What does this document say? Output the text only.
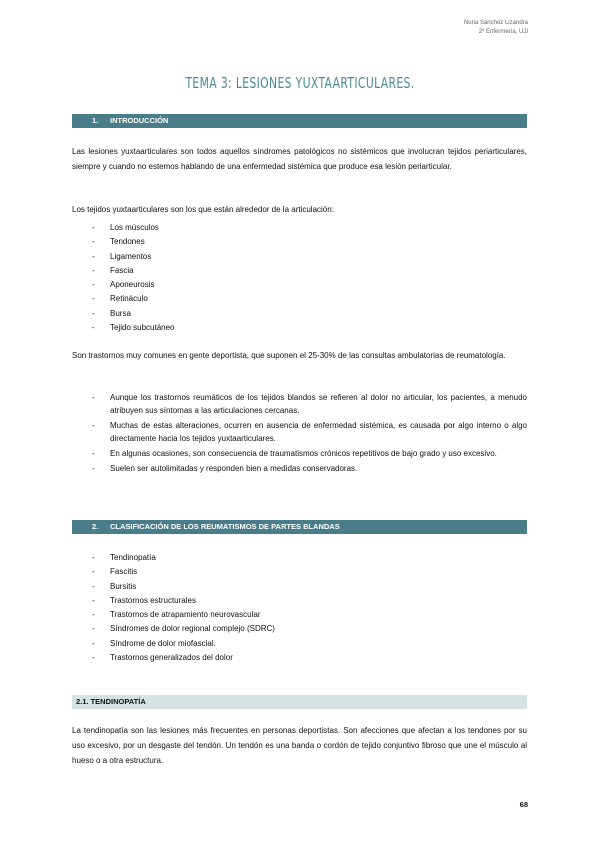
Nuria Sánchez Lizandra
2º Enfermería, UJI
TEMA 3: LESIONES YUXTAARTICULARES.
1. INTRODUCCIÓN
Las lesiones yuxtaarticulares son todos aquellos síndromes patológicos no sistémicos que involucran tejidos periarticulares, siempre y cuando no estemos hablando de una enfermedad sistémica que produce esa lesión periarticular.
Los tejidos yuxtaarticulares son los que están alrededor de la articulación:
- Los músculos
- Tendones
- Ligamentos
- Fascia
- Aponeurosis
- Retináculo
- Bursa
- Tejido subcutáneo
Son trastornos muy comunes en gente deportista, que suponen el 25-30% de las consultas ambulatorias de reumatología.
- Aunque los trastornos reumáticos de los tejidos blandos se refieren al dolor no articular, los pacientes, a menudo atribuyen sus síntomas a las articulaciones cercanas.
- Muchas de estas alteraciones, ocurren en ausencia de enfermedad sistémica, es causada por algo interno o algo directamente hacia los tejidos yuxtaarticulares.
- En algunas ocasiones, son consecuencia de traumatismos crónicos repetitivos de bajo grado y uso excesivo.
- Suelen ser autolimitadas y responden bien a medidas conservadoras.
2. CLASIFICACIÓN DE LOS REUMATISMOS DE PARTES BLANDAS
- Tendinopatía
- Fascitis
- Bursitis
- Trastornos estructurales
- Trastornos de atrapamiento neurovascular
- Síndromes de dolor regional complejo (SDRC)
- Síndrome de dolor miofascial.
- Trastornos generalizados del dolor
2.1. TENDINOPATÍA
La tendinopatía son las lesiones más frecuentes en personas deportistas. Son afecciones que afectan a los tendones por su uso excesivo, por un desgaste del tendón. Un tendón es una banda o cordón de tejido conjuntivo fibroso que une el músculo al hueso o a otra estructura.
68
